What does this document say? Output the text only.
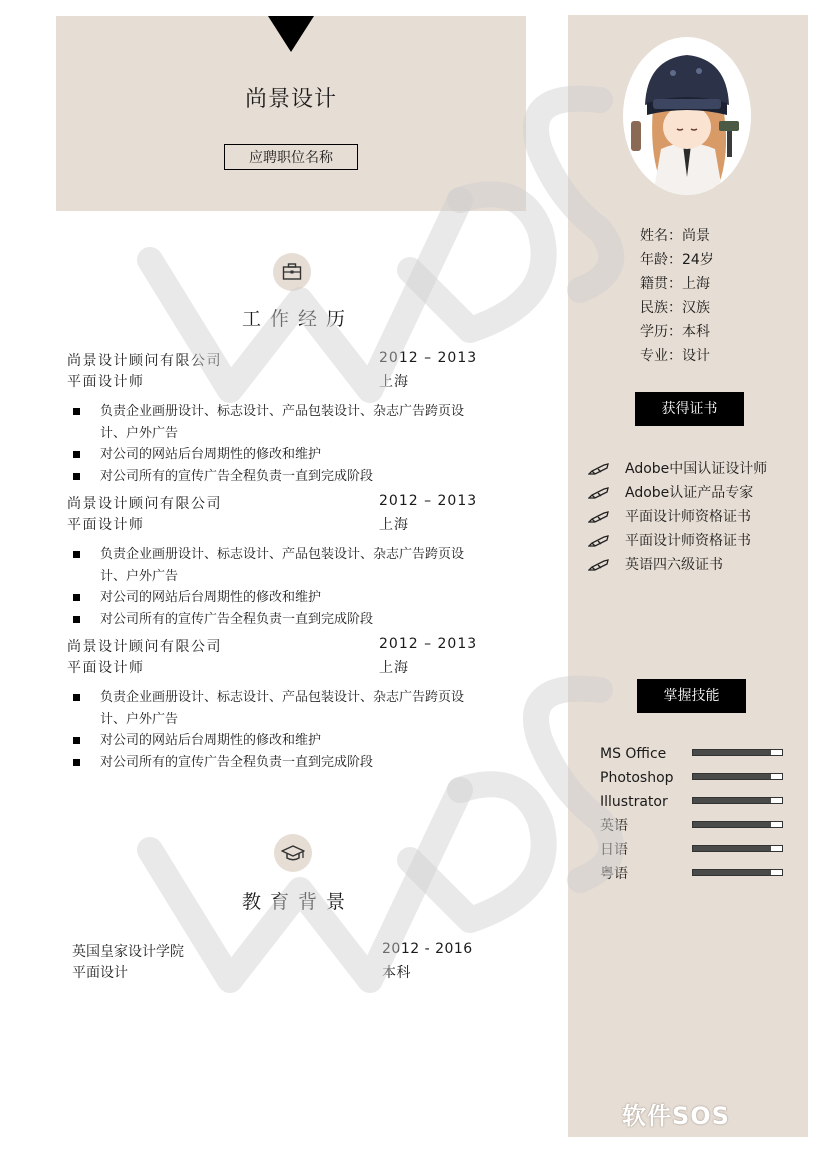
尚景设计
应聘职位名称
工作经历
尚景设计顾问有限公司	2012 – 2013
平面设计师	上海
负责企业画册设计、标志设计、产品包装设计、杂志广告跨页设计、户外广告
对公司的网站后台周期性的修改和维护
对公司所有的宣传广告全程负责一直到完成阶段
尚景设计顾问有限公司	2012 – 2013
平面设计师	上海
负责企业画册设计、标志设计、产品包装设计、杂志广告跨页设计、户外广告
对公司的网站后台周期性的修改和维护
对公司所有的宣传广告全程负责一直到完成阶段
尚景设计顾问有限公司	2012 – 2013
平面设计师	上海
负责企业画册设计、标志设计、产品包装设计、杂志广告跨页设计、户外广告
对公司的网站后台周期性的修改和维护
对公司所有的宣传广告全程负责一直到完成阶段
教育背景
英国皇家设计学院	2012 - 2016
平面设计	本科
姓名：尚景
年龄：24岁
籍贯：上海
民族：汉族
学历：本科
专业：设计
获得证书
Adobe中国认证设计师
Adobe认证产品专家
平面设计师资格证书
平面设计师资格证书
英语四六级证书
掌握技能
MS Office
Photoshop
Illustrator
英语
日语
粤语
软件SOS
